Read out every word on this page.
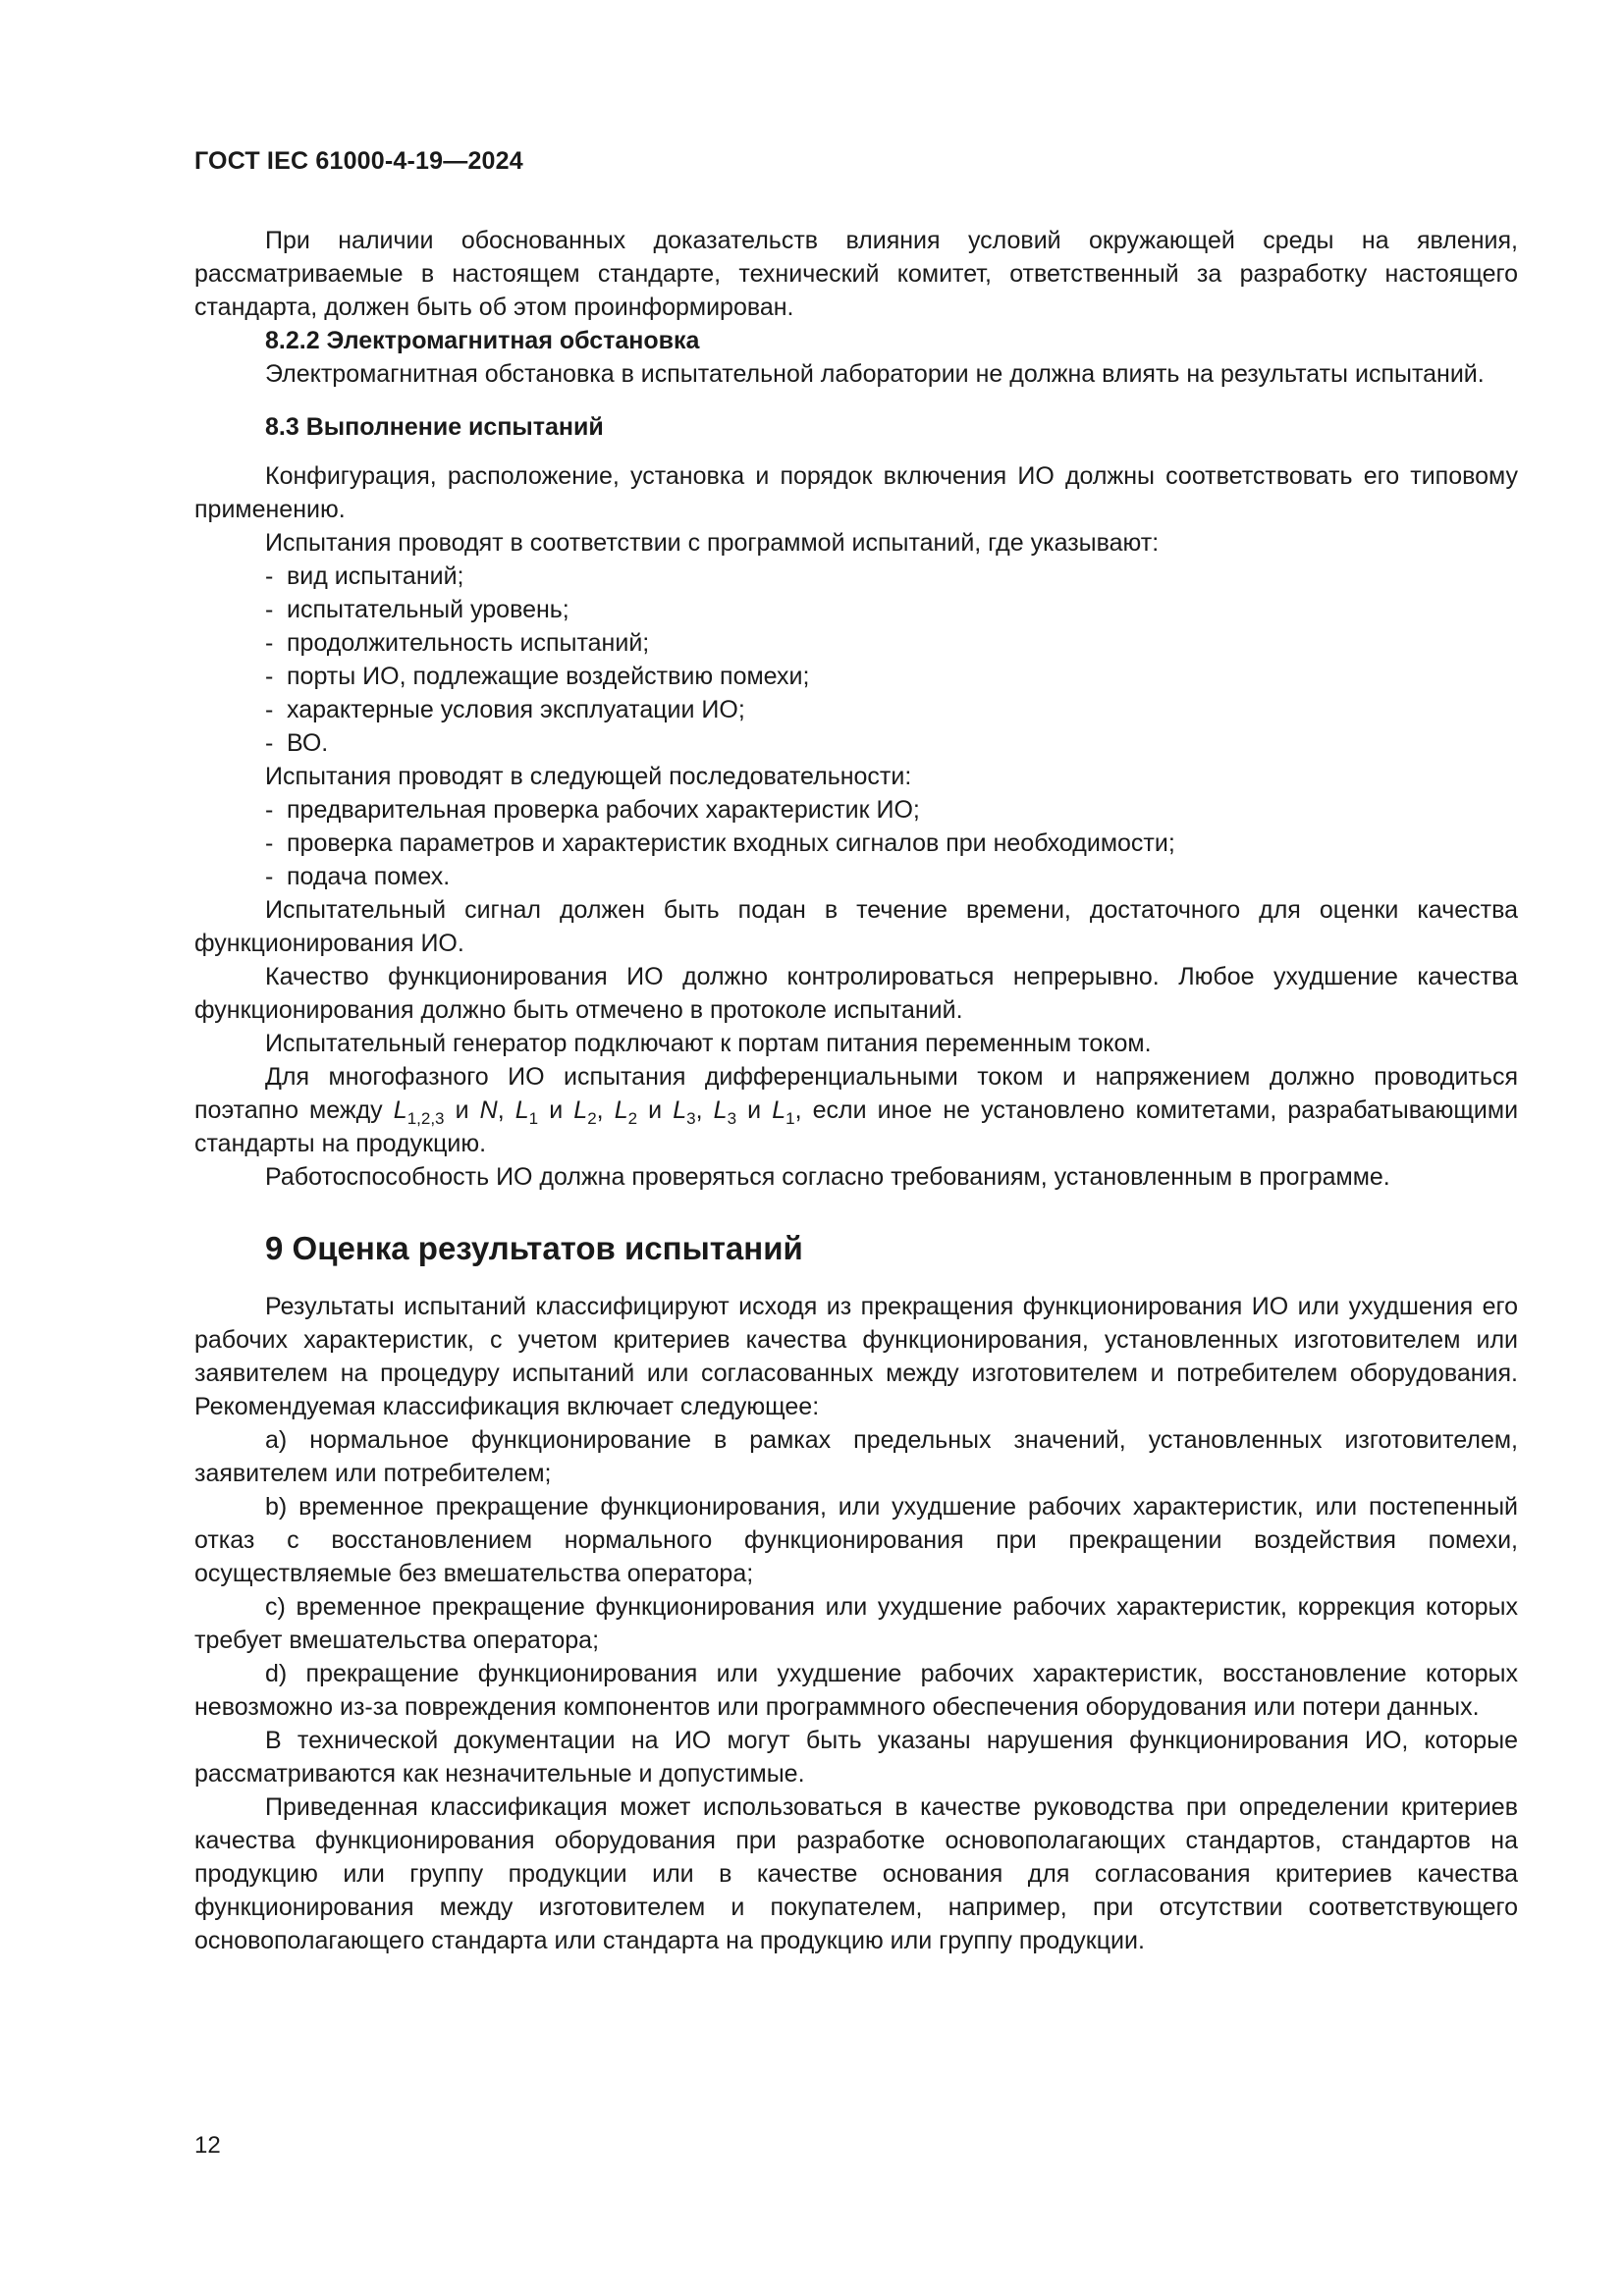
ГОСТ IEC 61000-4-19—2024

При наличии обоснованных доказательств влияния условий окружающей среды на явления, рассматриваемые в настоящем стандарте, технический комитет, ответственный за разработку настоящего стандарта, должен быть об этом проинформирован.

8.2.2 Электромагнитная обстановка

Электромагнитная обстановка в испытательной лаборатории не должна влиять на результаты испытаний.

8.3 Выполнение испытаний

Конфигурация, расположение, установка и порядок включения ИО должны соответствовать его типовому применению.

Испытания проводят в соответствии с программой испытаний, где указывают:

- вид испытаний;

- испытательный уровень;

- продолжительность испытаний;

- порты ИО, подлежащие воздействию помехи;

- характерные условия эксплуатации ИО;

- ВО.

Испытания проводят в следующей последовательности:

- предварительная проверка рабочих характеристик ИО;

- проверка параметров и характеристик входных сигналов при необходимости;

- подача помех.

Испытательный сигнал должен быть подан в течение времени, достаточного для оценки качества функционирования ИО.

Качество функционирования ИО должно контролироваться непрерывно. Любое ухудшение качества функционирования должно быть отмечено в протоколе испытаний.

Испытательный генератор подключают к портам питания переменным током.

Для многофазного ИО испытания дифференциальными током и напряжением должно проводиться поэтапно между $L_{1,2,3}$ и N, $L_1$ и $L_2$, $L_2$ и $L_3$, $L_3$ и $L_1$, если иное не установлено комитетами, разрабатывающими стандарты на продукцию.

Работоспособность ИО должна проверяться согласно требованиям, установленным в программе.

9 Оценка результатов испытаний

Результаты испытаний классифицируют исходя из прекращения функционирования ИО или ухудшения его рабочих характеристик, с учетом критериев качества функционирования, установленных изготовителем или заявителем на процедуру испытаний или согласованных между изготовителем и потребителем оборудования. Рекомендуемая классификация включает следующее:

a) нормальное функционирование в рамках предельных значений, установленных изготовителем, заявителем или потребителем;

b) временное прекращение функционирования, или ухудшение рабочих характеристик, или постепенный отказ с восстановлением нормального функционирования при прекращении воздействия помехи, осуществляемые без вмешательства оператора;

c) временное прекращение функционирования или ухудшение рабочих характеристик, коррекция которых требует вмешательства оператора;

d) прекращение функционирования или ухудшение рабочих характеристик, восстановление которых невозможно из-за повреждения компонентов или программного обеспечения оборудования или потери данных.

В технической документации на ИО могут быть указаны нарушения функционирования ИО, которые рассматриваются как незначительные и допустимые.

Приведенная классификация может использоваться в качестве руководства при определении критериев качества функционирования оборудования при разработке основополагающих стандартов, стандартов на продукцию или группу продукции или в качестве основания для согласования критериев качества функционирования между изготовителем и покупателем, например, при отсутствии соответствующего основополагающего стандарта или стандарта на продукцию или группу продукции.

12
